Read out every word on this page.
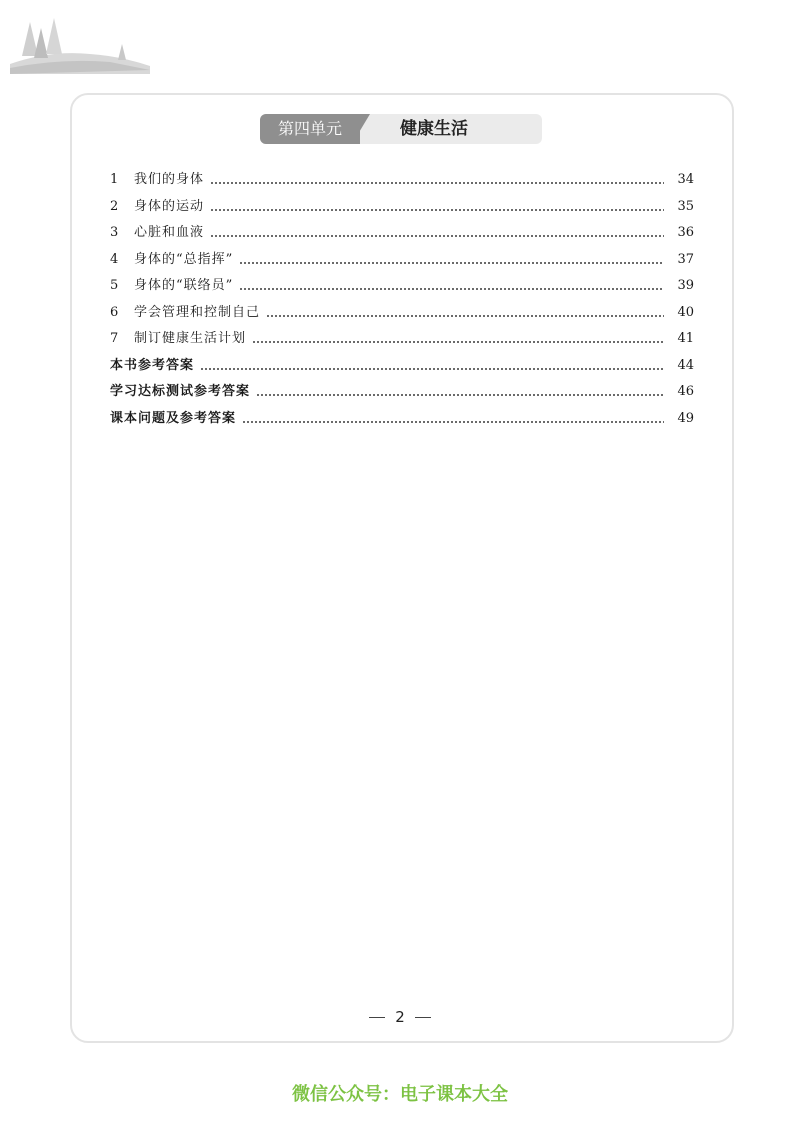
第四单元	健康生活
1	我们的身体	34
2	身体的运动	35
3	心脏和血液	36
4	身体的“总指挥”	37
5	身体的“联络员”	39
6	学会管理和控制自己	40
7	制订健康生活计划	41
本书参考答案	44
学习达标测试参考答案	46
课本问题及参考答案	49
2
微信公众号：电子课本大全
